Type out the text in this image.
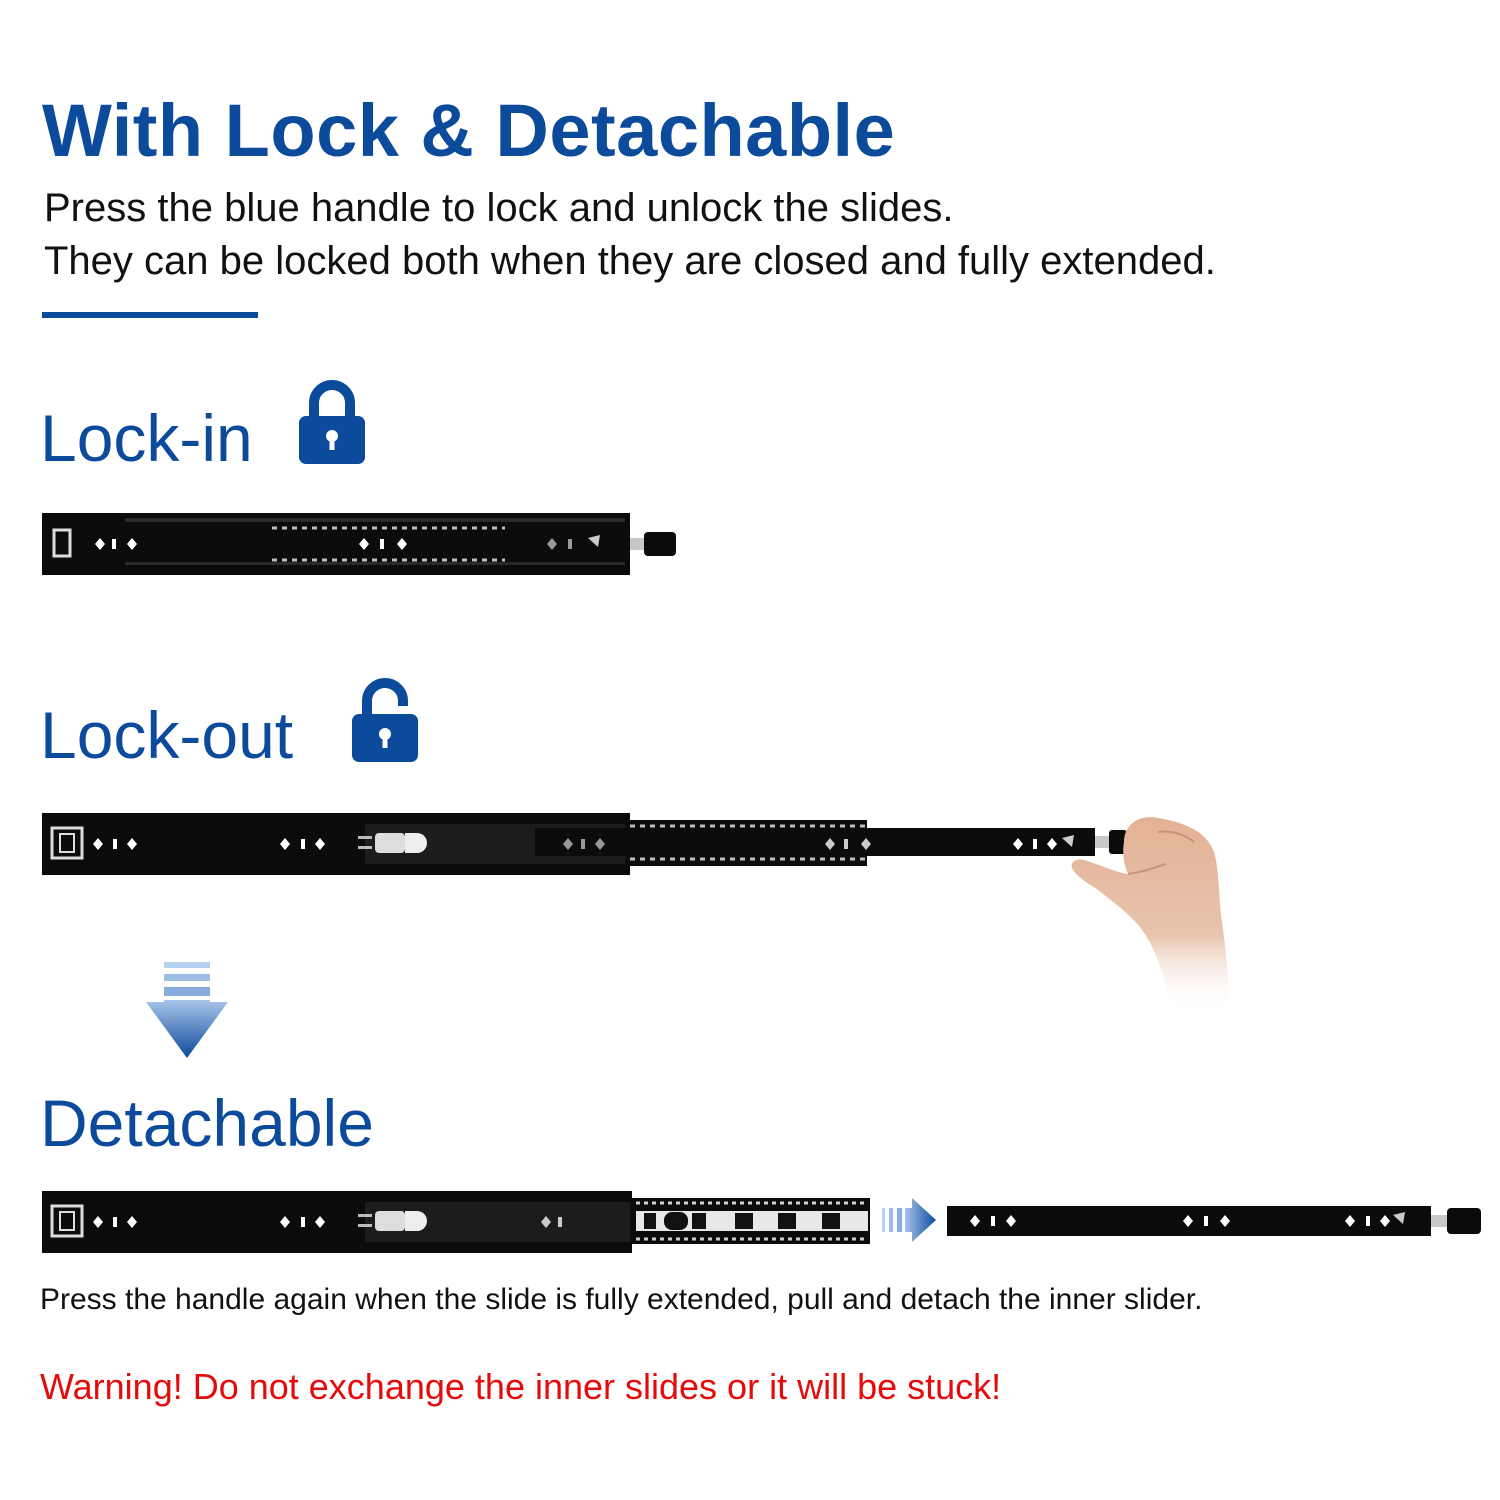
With Lock & Detachable
Press the blue handle to lock and unlock the slides.
They can be locked both when they are closed and fully extended.
Lock-in
Lock-out
Detachable
Press the handle again when the slide is fully extended, pull and detach the inner slider.
Warning! Do not exchange the inner slides or it will be stuck!
